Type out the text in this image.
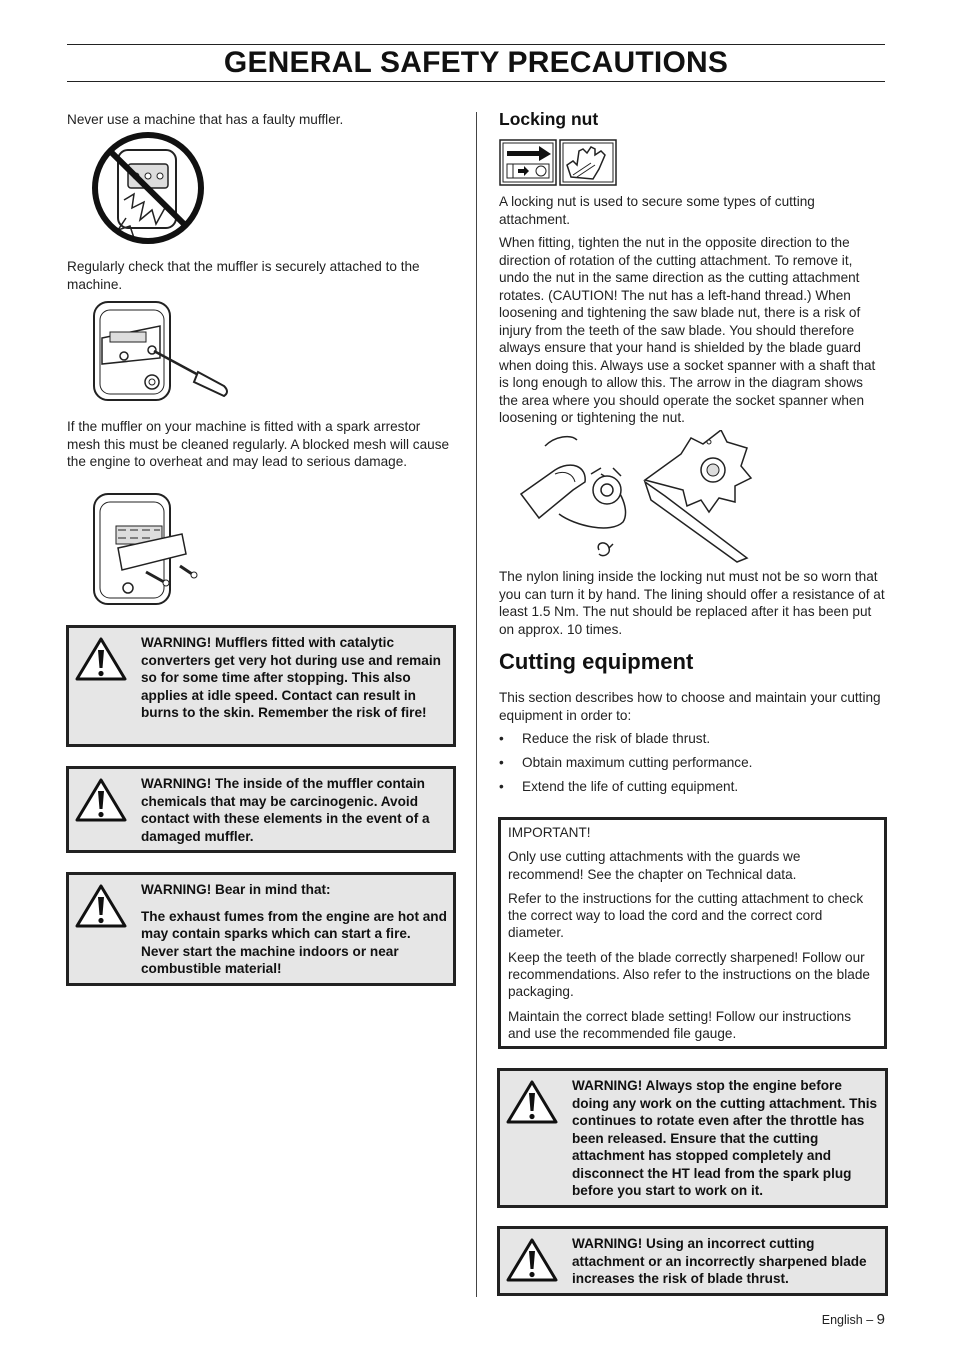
GENERAL SAFETY PRECAUTIONS

Never use a machine that has a faulty muffler.

Regularly check that the muffler is securely attached to the machine.

If the muffler on your machine is fitted with a spark arrestor mesh this must be cleaned regularly. A blocked mesh will cause the engine to overheat and may lead to serious damage.

WARNING! Mufflers fitted with catalytic converters get very hot during use and remain so for some time after stopping. This also applies at idle speed. Contact can result in burns to the skin. Remember the risk of fire!

WARNING! The inside of the muffler contain chemicals that may be carcinogenic. Avoid contact with these elements in the event of a damaged muffler.

WARNING! Bear in mind that:

The exhaust fumes from the engine are hot and may contain sparks which can start a fire. Never start the machine indoors or near combustible material!

Locking nut

A locking nut is used to secure some types of cutting attachment.

When fitting, tighten the nut in the opposite direction to the direction of rotation of the cutting attachment. To remove it, undo the nut in the same direction as the cutting attachment rotates. (CAUTION! The nut has a left-hand thread.) When loosening and tightening the saw blade nut, there is a risk of injury from the teeth of the saw blade. You should therefore always ensure that your hand is shielded by the blade guard when doing this. Always use a socket spanner with a shaft that is long enough to allow this. The arrow in the diagram shows the area where you should operate the socket spanner when loosening or tightening the nut.

The nylon lining inside the locking nut must not be so worn that you can turn it by hand. The lining should offer a resistance of at least 1.5 Nm. The nut should be replaced after it has been put on approx. 10 times.

Cutting equipment

This section describes how to choose and maintain your cutting equipment in order to:

• Reduce the risk of blade thrust.
• Obtain maximum cutting performance.
• Extend the life of cutting equipment.

IMPORTANT!

Only use cutting attachments with the guards we recommend! See the chapter on Technical data.

Refer to the instructions for the cutting attachment to check the correct way to load the cord and the correct cord diameter.

Keep the teeth of the blade correctly sharpened! Follow our recommendations. Also refer to the instructions on the blade packaging.

Maintain the correct blade setting! Follow our instructions and use the recommended file gauge.

WARNING! Always stop the engine before doing any work on the cutting attachment. This continues to rotate even after the throttle has been released. Ensure that the cutting attachment has stopped completely and disconnect the HT lead from the spark plug before you start to work on it.

WARNING! Using an incorrect cutting attachment or an incorrectly sharpened blade increases the risk of blade thrust.

English – 9
